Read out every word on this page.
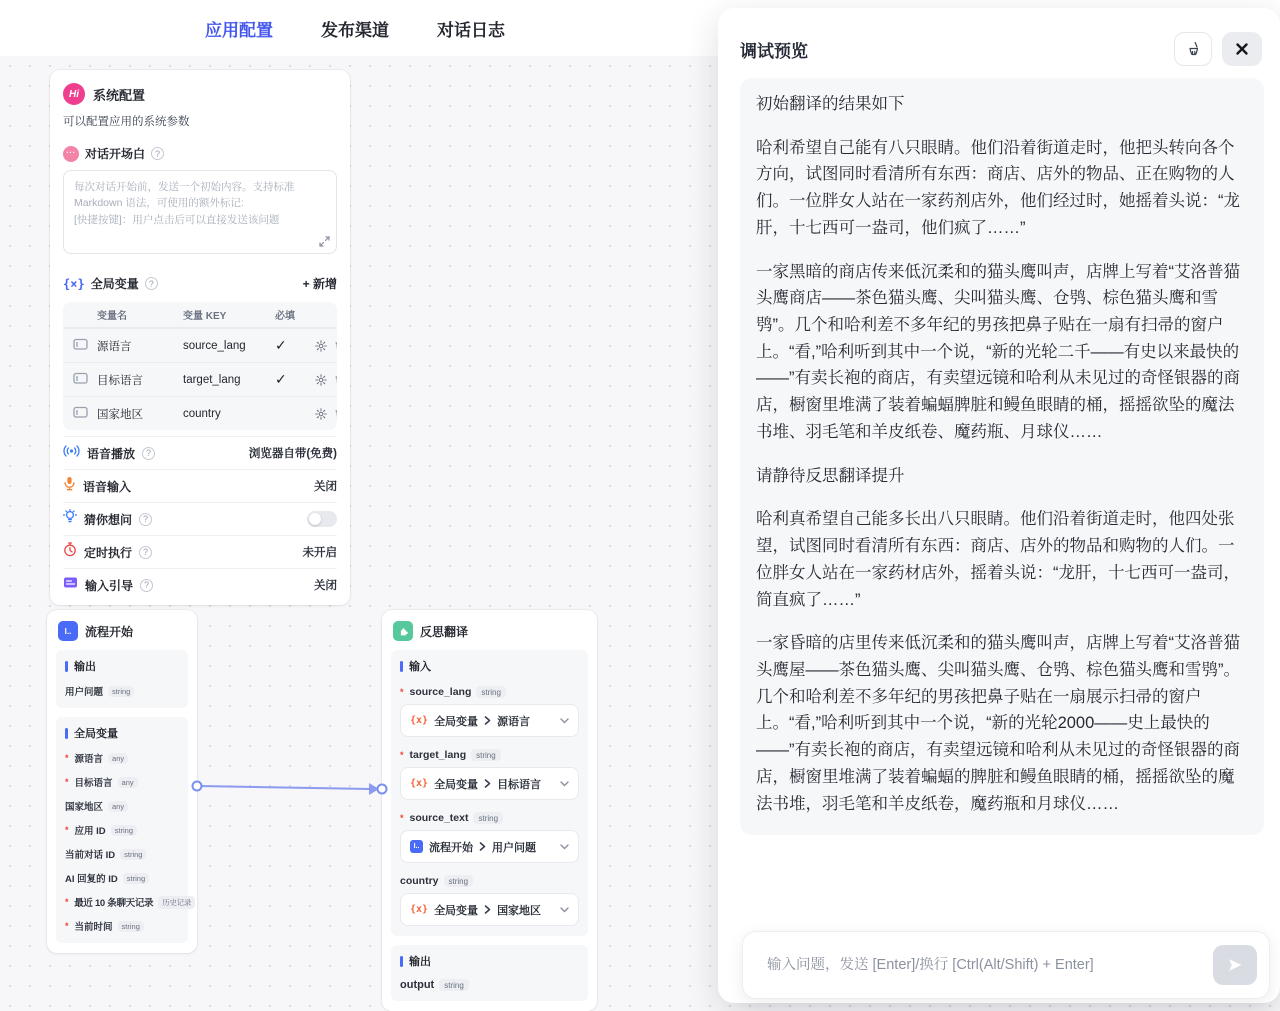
应用配置	发布渠道	对话日志
Hi	系统配置
可以配置应用的系统参数
···
对话开场白
?
每次对话开始前，发送一个初始内容。支持标准 Markdown 语法，可使用的额外标记: [快捷按键]：用户点击后可以直接发送该问题
{×}
全局变量 ?	+ 新增
变量名	变量 KEY	必填
源语言	source_lang	✓
目标语言	target_lang	✓
国家地区	country
语音播放 ?	浏览器自带(免费)
语音输入	关闭
猜你想问
?
定时执行 ?	未开启
输入引导 ?	关闭
I..
流程开始
输出
用户问题	string
全局变量
* 源语言	any
* 目标语言	any
国家地区	any
* 应用 ID	string
当前对话 ID	string
AI 回复的 ID	string
* 最近 10 条聊天记录	历史记录
* 当前时间	string
反思翻译
输入
* source_lang	string
{x}
全局变量 源语言
* target_lang	string
{x}
全局变量 目标语言
* source_text	string
I..
流程开始 用户问题
country	string
{x}
全局变量 国家地区
输出
output	string
调试预览

初始翻译的结果如下

哈利希望自己能有八只眼睛。他们沿着街道走时，他把头转向各个方向，试图同时看清所有东西：商店、店外的物品、正在购物的人们。一位胖女人站在一家药剂店外，他们经过时，她摇着头说：“龙肝，十七西可一盎司，他们疯了……”

一家黑暗的商店传来低沉柔和的猫头鹰叫声，店牌上写着“艾洛普猫头鹰商店——茶色猫头鹰、尖叫猫头鹰、仓鸮、棕色猫头鹰和雪鸮”。几个和哈利差不多年纪的男孩把鼻子贴在一扇有扫帚的窗户上。“看,”哈利听到其中一个说，“新的光轮二千——有史以来最快的——”有卖长袍的商店，有卖望远镜和哈利从未见过的奇怪银器的商店，橱窗里堆满了装着蝙蝠脾脏和鳗鱼眼睛的桶，摇摇欲坠的魔法书堆、羽毛笔和羊皮纸卷、魔药瓶、月球仪……

请静待反思翻译提升

哈利真希望自己能多长出八只眼睛。他们沿着街道走时，他四处张望，试图同时看清所有东西：商店、店外的物品和购物的人们。一位胖女人站在一家药材店外，摇着头说：“龙肝，十七西可一盎司，简直疯了……”

一家昏暗的店里传来低沉柔和的猫头鹰叫声，店牌上写着“艾洛普猫头鹰屋——茶色猫头鹰、尖叫猫头鹰、仓鸮、棕色猫头鹰和雪鸮”。几个和哈利差不多年纪的男孩把鼻子贴在一扇展示扫帚的窗户上。“看,”哈利听到其中一个说，“新的光轮2000——史上最快的——”有卖长袍的商店，有卖望远镜和哈利从未见过的奇怪银器的商店，橱窗里堆满了装着蝙蝠的脾脏和鳗鱼眼睛的桶，摇摇欲坠的魔法书堆，羽毛笔和羊皮纸卷，魔药瓶和月球仪……

输入问题，发送 [Enter]/换行 [Ctrl(Alt/Shift) + Enter]
